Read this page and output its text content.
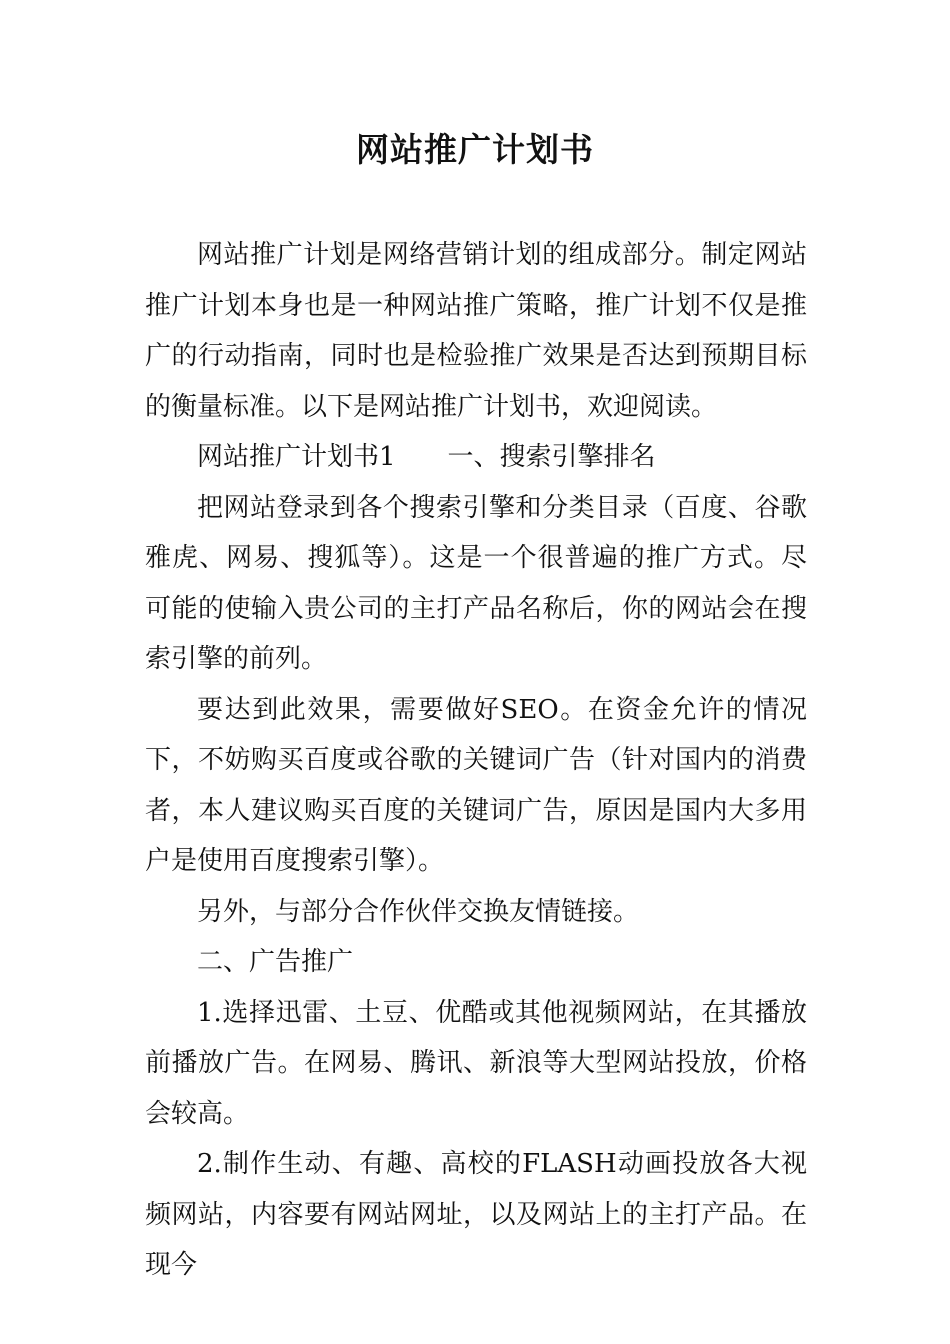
网站推广计划书

网站推广计划是网络营销计划的组成部分。制定网站推广计划本身也是一种网站推广策略，推广计划不仅是推广的行动指南，同时也是检验推广效果是否达到预期目标的衡量标准。以下是网站推广计划书，欢迎阅读。

网站推广计划书1　　一、搜索引擎排名

把网站登录到各个搜索引擎和分类目录（百度、谷歌雅虎、网易、搜狐等）。这是一个很普遍的推广方式。尽可能的使输入贵公司的主打产品名称后，你的网站会在搜索引擎的前列。

要达到此效果，需要做好SEO。在资金允许的情况下，不妨购买百度或谷歌的关键词广告（针对国内的消费者，本人建议购买百度的关键词广告，原因是国内大多用户是使用百度搜索引擎）。

另外，与部分合作伙伴交换友情链接。

二、广告推广

1.选择迅雷、土豆、优酷或其他视频网站，在其播放前播放广告。在网易、腾讯、新浪等大型网站投放，价格会较高。

2.制作生动、有趣、高校的FLASH动画投放各大视频网站，内容要有网站网址，以及网站上的主打产品。在现今
